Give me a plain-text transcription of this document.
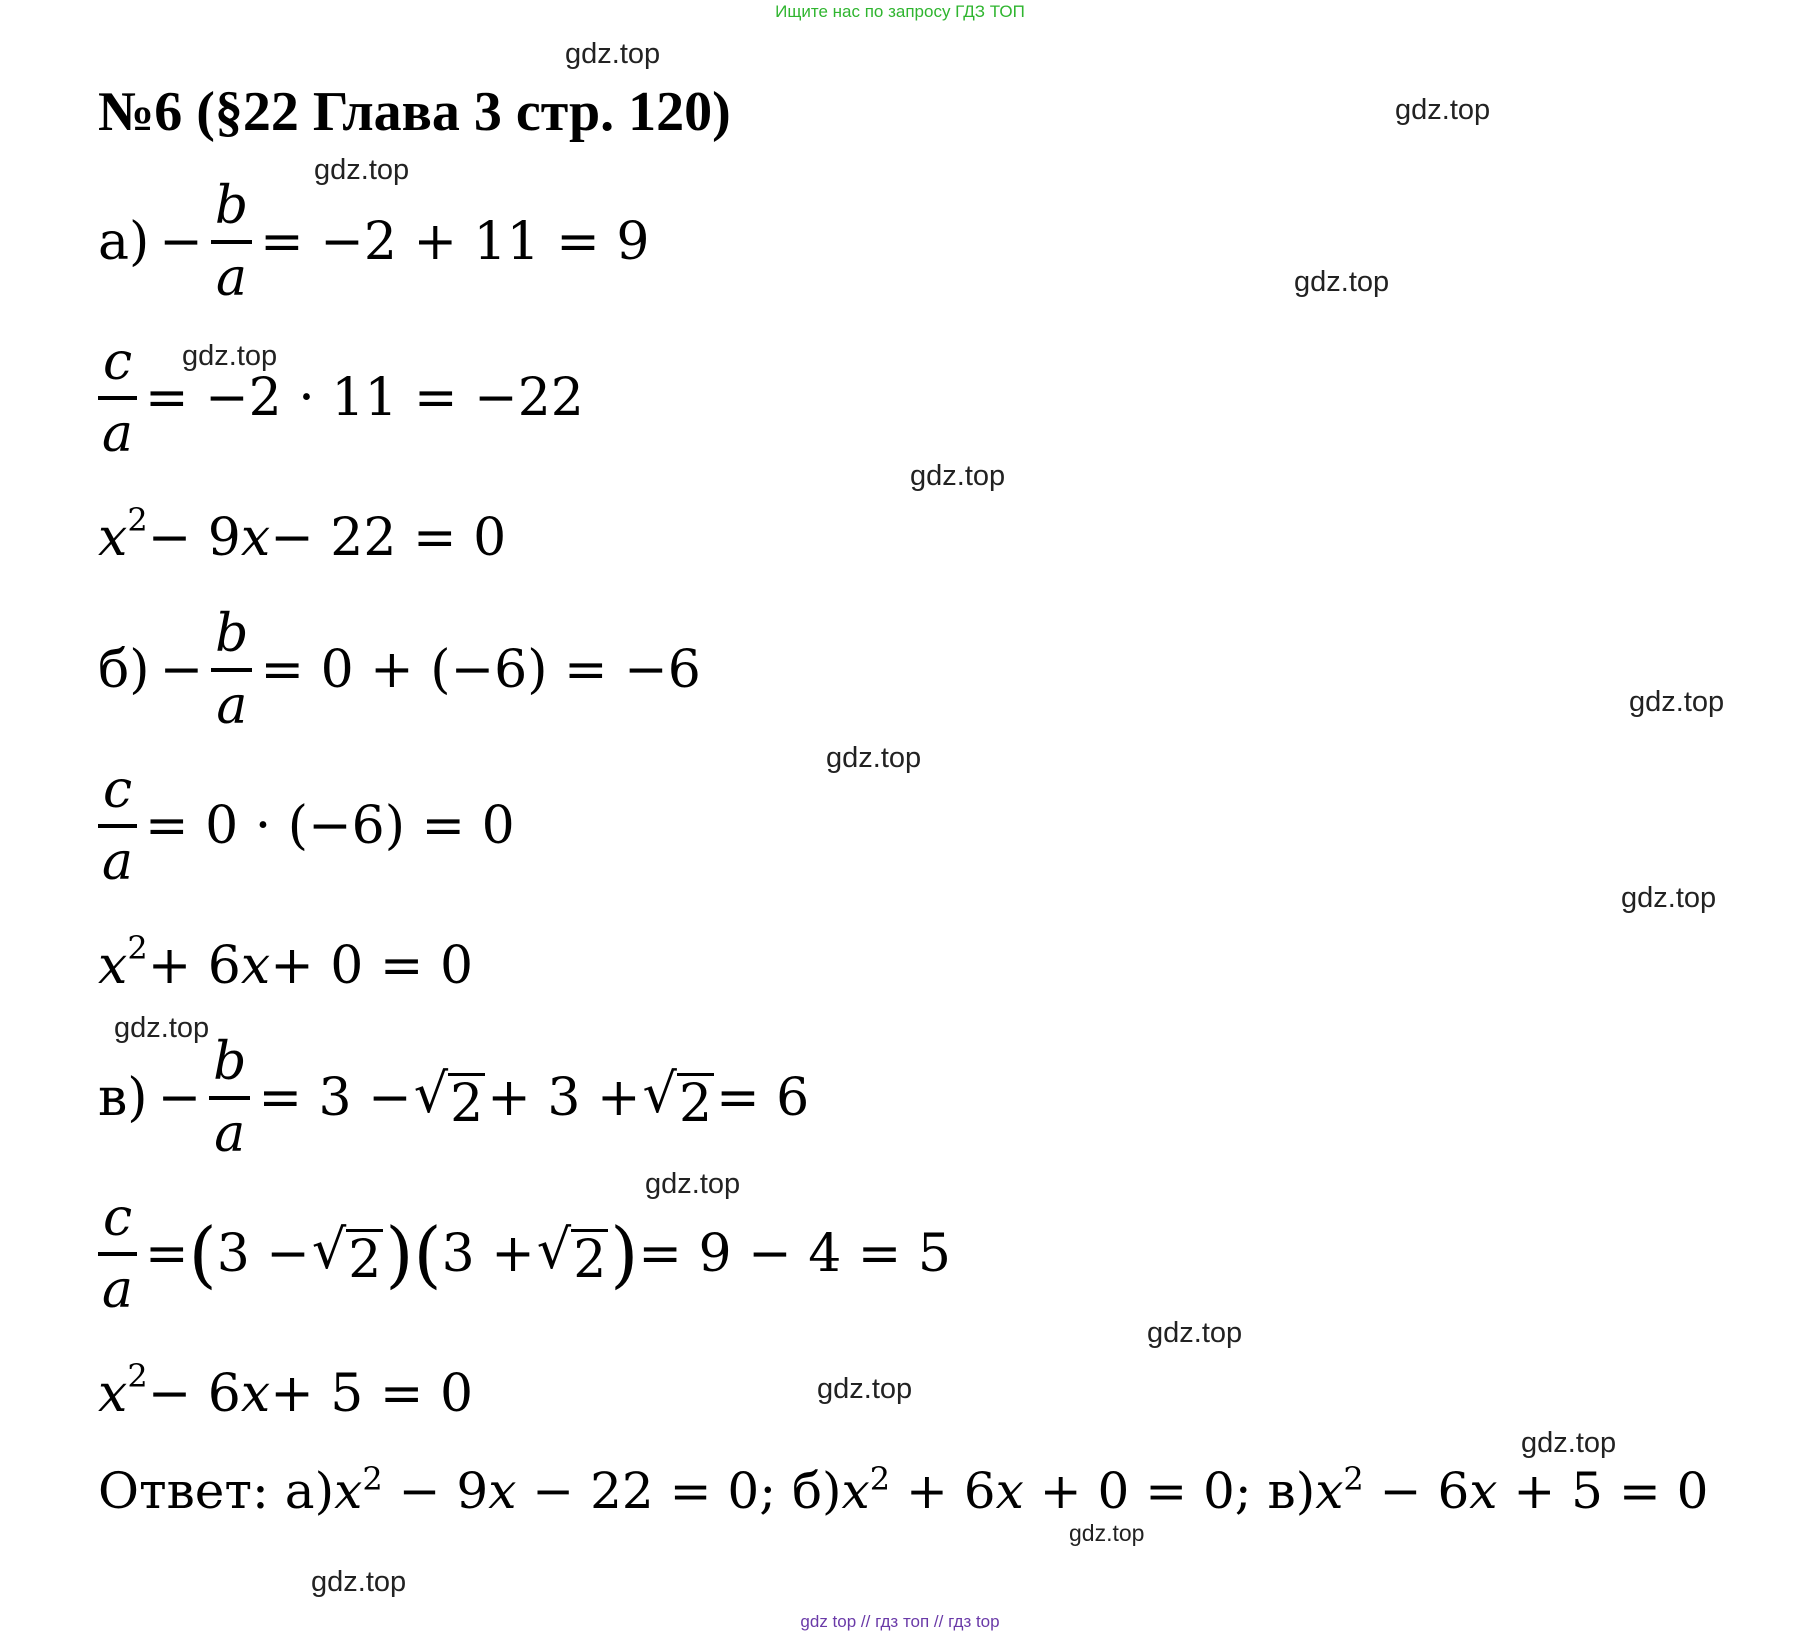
Ищите нас по запросу ГДЗ ТОП
№6 (§22 Глава 3 стр. 120)
$а) - \frac{b}{a} = -2 + 11 = 9$
$\frac{c}{a} = -2 \cdot 11 = -22$
$x^2 - 9$ x − 22 = 0
$б) - \frac{b}{a} = 0 + (-6) = -6$
$\frac{c}{a} = 0 \cdot (-6) = 0$
$x^2 + 6$ x + 0 = 0
$в) - \frac{b}{a} = 3$ − √ 2 + 3 + √ 2 = 6
$\frac{c}{a}$ = ( 3 − √ 2 ) ( 3 + √ 2 ) = 9 − 4 = 5
$x^2 - 6$ x + 5 = 0
Ответ: $а)x^2 - 9x - 22 = 0$; $б)x^2 + 6x + 0 = 0$; $в)x^2 - 6x + 5 = 0$
gdz.top
gdz.top
gdz.top
gdz.top
gdz.top
gdz.top
gdz.top
gdz.top
gdz.top
gdz.top
gdz.top
gdz.top
gdz.top
gdz.top
gdz.top
gdz.top
gdz top // гдз топ // гдз top
